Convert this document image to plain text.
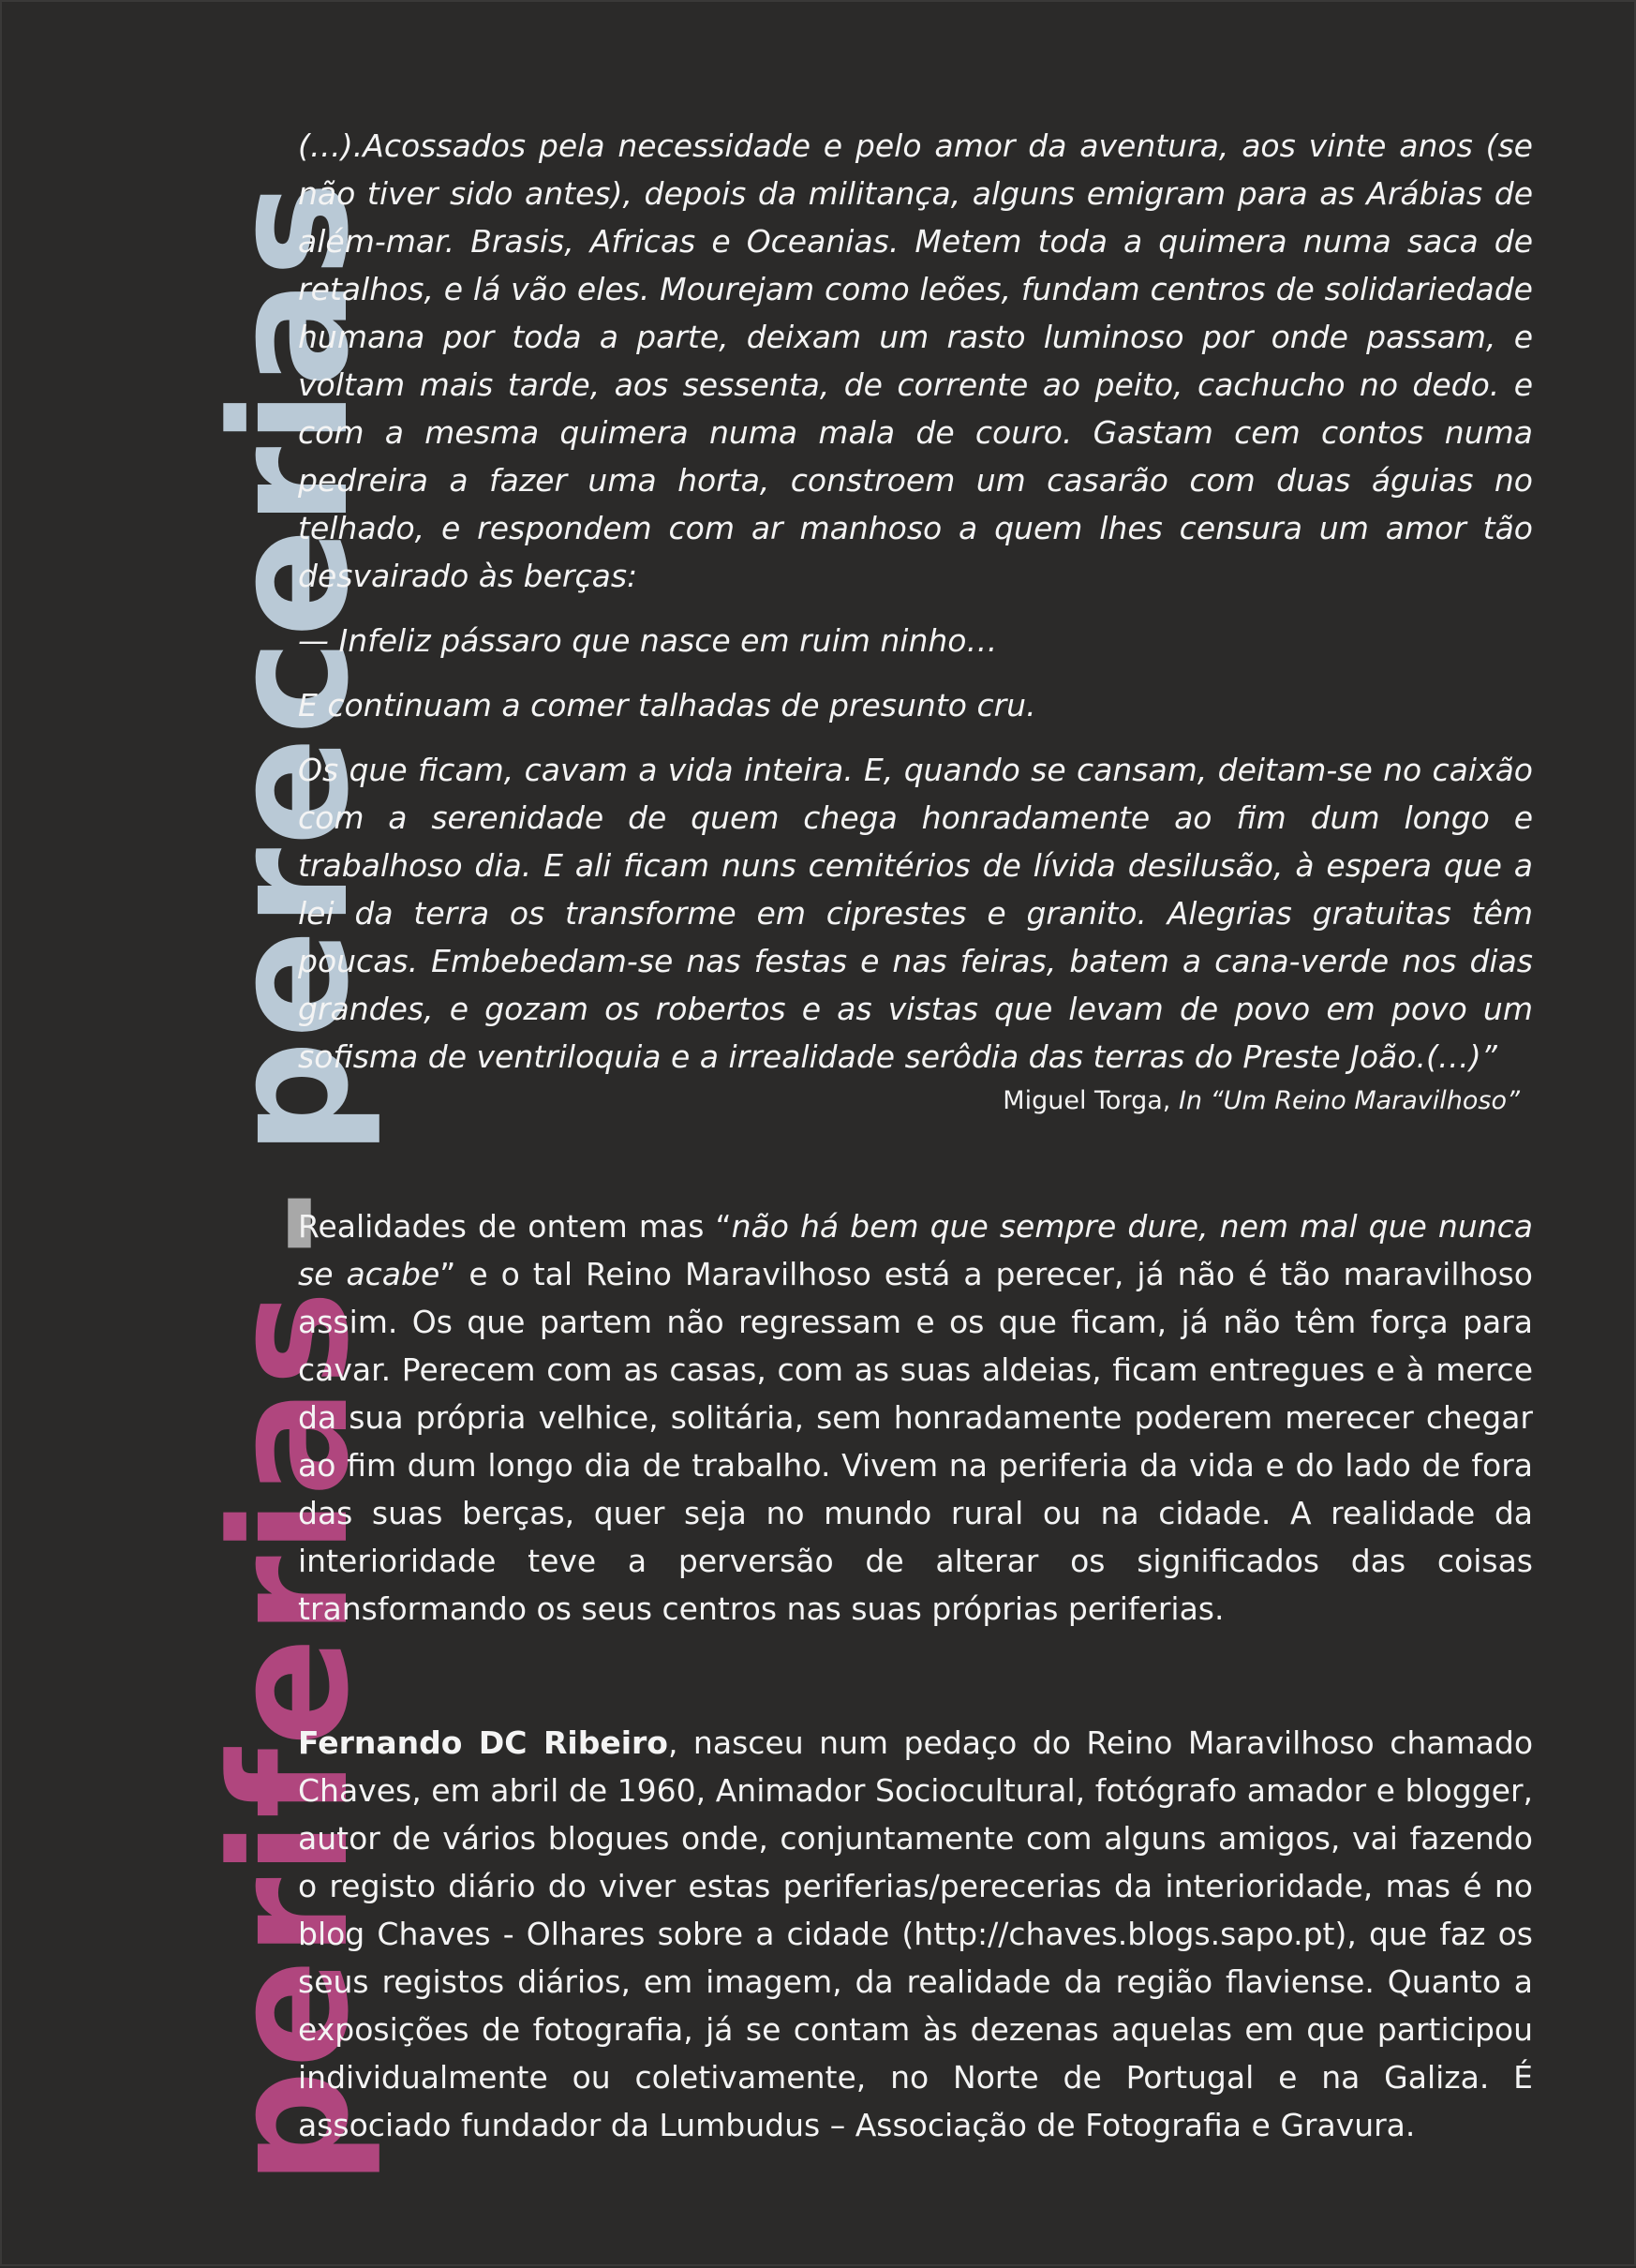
periferias-perecerias

(…).Acossados pela necessidade e pelo amor da aventura, aos vinte anos (se não tiver sido antes), depois da militança, alguns emigram para as Arábias de além-mar. Brasis, Africas e Oceanias. Metem toda a quimera numa saca de retalhos, e lá vão eles. Mourejam como leões, fundam centros de solidariedade humana por toda a parte, deixam um rasto luminoso por onde passam, e voltam mais tarde, aos sessenta, de corrente ao peito, cachucho no dedo. e com a mesma quimera numa mala de couro. Gastam cem contos numa pedreira a fazer uma horta, constroem um casarão com duas águias no telhado, e respondem com ar manhoso a quem lhes censura um amor tão desvairado às berças:

— Infeliz pássaro que nasce em ruim ninho…

E continuam a comer talhadas de presunto cru.

Os que ficam, cavam a vida inteira. E, quando se cansam, deitam-se no caixão com a serenidade de quem chega honradamente ao fim dum longo e trabalhoso dia. E ali ficam nuns cemitérios de lívida desilusão, à espera que a lei da terra os transforme em ciprestes e granito. Alegrias gratuitas têm poucas. Embebedam-se nas festas e nas feiras, batem a cana-verde nos dias grandes, e gozam os robertos e as vistas que levam de povo em povo um sofisma de ventriloquia e a irrealidade serôdia das terras do Preste João.(…)”

Miguel Torga, In “Um Reino Maravilhoso”

Realidades de ontem mas “não há bem que sempre dure, nem mal que nunca se acabe” e o tal Reino Maravilhoso está a perecer, já não é tão maravilhoso assim. Os que partem não regressam e os que ficam, já não têm força para cavar. Perecem com as casas, com as suas aldeias, ficam entregues e à merce da sua própria velhice, solitária, sem honradamente poderem merecer chegar ao fim dum longo dia de trabalho. Vivem na periferia da vida e do lado de fora das suas berças, quer seja no mundo rural ou na cidade. A realidade da interioridade teve a perversão de alterar os significados das coisas transformando os seus centros nas suas próprias periferias.

Fernando DC Ribeiro, nasceu num pedaço do Reino Maravilhoso chamado Chaves, em abril de 1960, Animador Sociocultural, fotógrafo amador e blogger, autor de vários blogues onde, conjuntamente com alguns amigos, vai fazendo o registo diário do viver estas periferias/perecerias da interioridade, mas é no blog Chaves - Olhares sobre a cidade (http://chaves.blogs.sapo.pt), que faz os seus registos diários, em imagem, da realidade da região flaviense. Quanto a exposições de fotografia, já se contam às dezenas aquelas em que participou individualmente ou coletivamente, no Norte de Portugal e na Galiza. É associado fundador da Lumbudus – Associação de Fotografia e Gravura.
